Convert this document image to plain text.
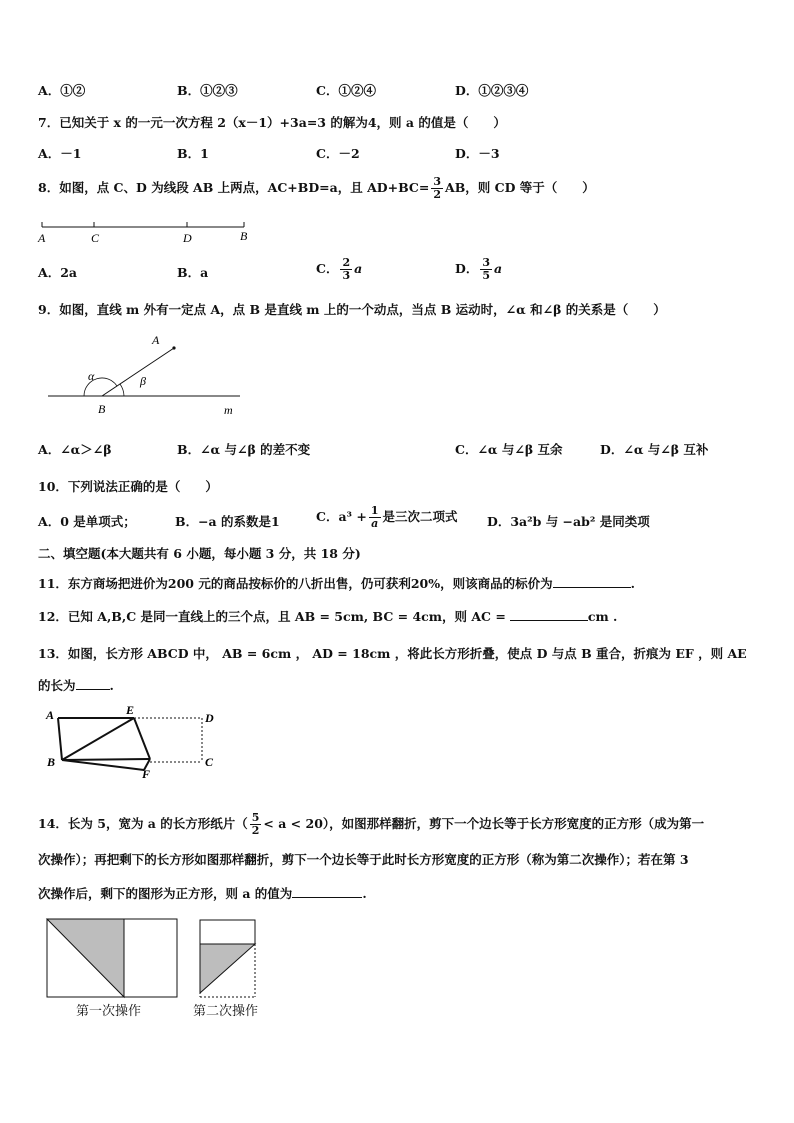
A．①②	B．①②③	C．①②④	D．①②③④
7．已知关于 x 的一元一次方程 2（x－1）+3a=3 的解为4，则 a 的值是（　　）
A．－1	B．1	C．－2	D．－3
8．如图，点 C、D 为线段 AB 上两点，AC+BD=a，且 $AD+BC= \frac{3}{2}$ AB，则 CD 等于（　　）
A	C	D	B
A．2a	B．a	C． $\frac{2}{3}$ a	D． $\frac{3}{5}$ a
9．如图，直线 m 外有一定点 A，点 B 是直线 m 上的一个动点，当点 B 运动时，∠α 和∠β 的关系是（　　）
A
α	β
B	m
A．∠α＞∠β	B．∠α 与∠β 的差不变	C．∠α 与∠β 互余	D．∠α 与∠β 互补
10．下列说法正确的是（　　）
A．0 是单项式；	B．−a 的系数是1	C．$a^3 + \frac{1}{a}$ 是三次二项式 D．3a²b 与 −ab² 是同类项
二、填空题(本大题共有 6 小题，每小题 3 分，共 18 分)
11．东方商场把进价为200 元的商品按标价的八折出售，仍可获利20%，则该商品的标价为	.
12．已知 A,B,C 是同一直线上的三个点，且 AB = 5cm, BC = 4cm，则 AC =	cm .
13．如图，长方形 ABCD 中， AB = 6cm ， AD = 18cm ，将此长方形折叠，使点 D 与点 B 重合，折痕为 EF ，则 AE
的长为	.
A	E
D
B
F
C
14．长为 5，宽为 a 的长方形纸片（ $\frac{5}{2} < a < 20$），如图那样翻折，剪下一个边长等于长方形宽度的正方形（成为第一
次操作）；再把剩下的长方形如图那样翻折，剪下一个边长等于此时长方形宽度的正方形（称为第二次操作）；若在第 3
次操作后，剩下的图形为正方形，则 a 的值为	.
第一次操作	第二次操作
